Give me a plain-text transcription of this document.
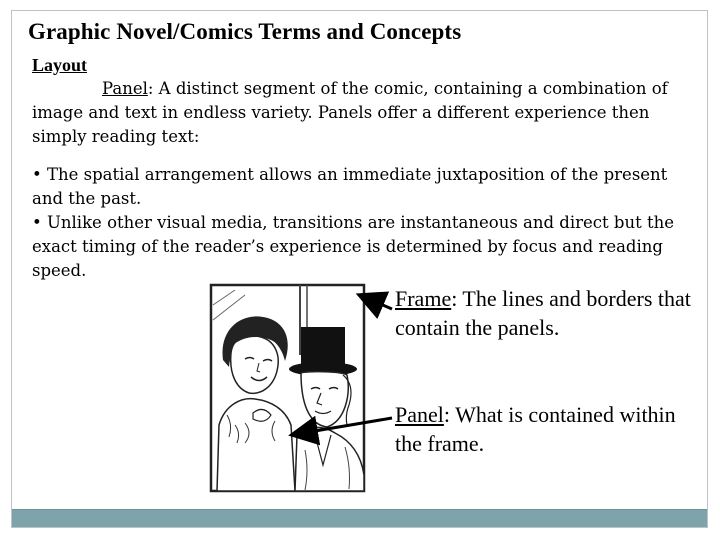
Graphic Novel/Comics Terms and Concepts
Layout
Panel: A distinct segment of the comic, containing a combination of image and text in endless variety. Panels offer a different experience then simply reading text:
• The spatial arrangement allows an immediate juxtaposition of the present and the past.
• Unlike other visual media, transitions are instantaneous and direct but the exact timing of the reader’s experience is determined by focus and reading speed.
Frame: The lines and borders that contain the panels.
Panel: What is contained within the frame.
